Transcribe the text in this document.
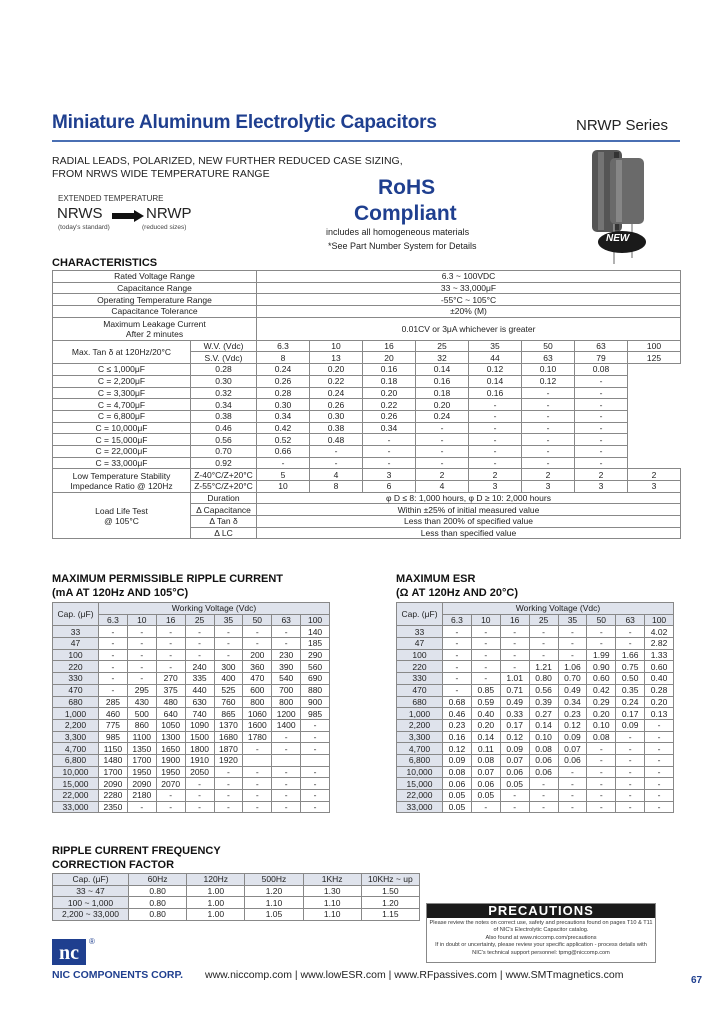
Miniature Aluminum Electrolytic Capacitors	NRWP Series
RADIAL LEADS, POLARIZED, NEW FURTHER REDUCED CASE SIZING,
FROM NRWS WIDE TEMPERATURE RANGE
EXTENDED TEMPERATURE
NRWS	NRWP
(today's standard)	(reduced sizes)
RoHS
Compliant
includes all homogeneous materials
*See Part Number System for Details
NEW
CHARACTERISTICS
Rated Voltage Range		6.3 ~ 100VDC							
Capacitance Range		33 ~ 33,000μF							
Operating Temperature Range		-55°C ~ 105°C							
Capacitance Tolerance		±20% (M)							

Maximum Leakage Current
After 2 minutes		0.01CV or 3μA whichever is greater							
Max. Tan δ at 120Hz/20°C	W.V. (Vdc)	6.3	10	16	25	35	50	63	100
	S.V. (Vdc)	8	13	20	32	44	63	79	125
C ≤ 1,000μF	0.28	0.24	0.20	0.16	0.14	0.12	0.10	0.08	
C = 2,200μF	0.30	0.26	0.22	0.18	0.16	0.14	0.12	-	
C = 3,300μF	0.32	0.28	0.24	0.20	0.18	0.16	-	-	
C = 4,700μF	0.34	0.30	0.26	0.22	0.20	-	-	-	
C = 6,800μF	0.38	0.34	0.30	0.26	0.24	-	-	-	
C = 10,000μF	0.46	0.42	0.38	0.34	-	-	-	-	
C = 15,000μF	0.56	0.52	0.48	-	-	-	-	-	
C = 22,000μF	0.70	0.66	-	-	-	-	-	-	
C = 33,000μF	0.92	-	-	-	-	-	-	-	

Low Temperature Stability
Impedance Ratio @ 120Hz	Z-40°C/Z+20°C	5	4	3	2	2	2	2	2
	Z-55°C/Z+20°C	10	8	6	4	3	3	3	3

Load Life Test
@ 105°C	Duration	φ D ≤ 8: 1,000 hours, φ D ≥ 10: 2,000 hours							
	Δ Capacitance	Within ±25% of initial measured value							
	Δ Tan δ	Less than 200% of specified value							
	Δ LC	Less than specified value							
MAXIMUM PERMISSIBLE RIPPLE CURRENT
(mA AT 120Hz AND 105°C)
Cap. (μF)	Working Voltage (Vdc)							
	6.3	10	16	25	35	50	63	100
33	-	-	-	-	-	-	-	140
47	-	-	-	-	-	-	-	185
100	-	-	-	-	-	200	230	290
220	-	-	-	240	300	360	390	560
330	-	-	270	335	400	470	540	690
470	-	295	375	440	525	600	700	880
680	285	430	480	630	760	800	800	900
1,000	460	500	640	740	865	1060	1200	985
2,200	775	860	1050	1090	1370	1600	1400	-
3,300	985	1100	1300	1500	1680	1780	-	-
4,700	1150	1350	1650	1800	1870	-	-	-
6,800	1480	1700	1900	1910	1920			
10,000	1700	1950	1950	2050	-	-	-	-
15,000	2090	2090	2070	-	-	-	-	-
22,000	2280	2180	-	-	-	-	-	-
33,000	2350	-	-	-	-	-	-	-
MAXIMUM ESR
(Ω AT 120Hz AND 20°C)
Cap. (μF)	Working Voltage (Vdc)							
	6.3	10	16	25	35	50	63	100
33	-	-	-	-	-	-	-	4.02
47	-	-	-	-	-	-	-	2.82
100	-	-	-	-	-	1.99	1.66	1.33
220	-	-	-	1.21	1.06	0.90	0.75	0.60
330	-	-	1.01	0.80	0.70	0.60	0.50	0.40
470	-	0.85	0.71	0.56	0.49	0.42	0.35	0.28
680	0.68	0.59	0.49	0.39	0.34	0.29	0.24	0.20
1,000	0.46	0.40	0.33	0.27	0.23	0.20	0.17	0.13
2,200	0.23	0.20	0.17	0.14	0.12	0.10	0.09	-
3,300	0.16	0.14	0.12	0.10	0.09	0.08	-	-
4,700	0.12	0.11	0.09	0.08	0.07	-	-	-
6,800	0.09	0.08	0.07	0.06	0.06	-	-	-
10,000	0.08	0.07	0.06	0.06	-	-	-	-
15,000	0.06	0.06	0.05	-	-	-	-	-
22,000	0.05	0.05	-	-	-	-	-	-
33,000	0.05	-	-	-	-	-	-	-
RIPPLE CURRENT FREQUENCY
CORRECTION FACTOR
Cap. (μF)	60Hz	120Hz	500Hz	1KHz	10KHz ~ up
33 ~ 47	0.80	1.00	1.20	1.30	1.50
100 ~ 1,000	0.80	1.00	1.10	1.10	1.20
2,200 ~ 33,000	0.80	1.00	1.05	1.10	1.15	PRECAUTIONS
Please review the notes on correct use, safety and precautions found on pages T10 & T11
of NIC's Electrolytic Capacitor catalog.
Also found at www.niccomp.com/precautions
If in doubt or uncertainty, please review your specific application - process details with
NIC's technical support personnel: tpmg@niccomp.com
nc
®
NIC COMPONENTS CORP. www.niccomp.com | www.lowESR.com | www.RFpassives.com | www.SMTmagnetics.com	67
